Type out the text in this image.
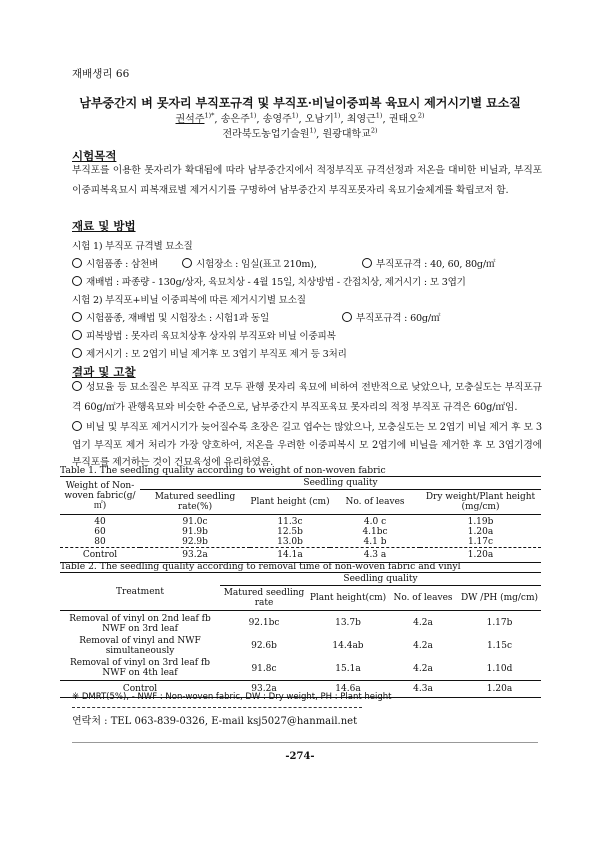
재배생리 66
남부중간지 벼 못자리 부직포규격 및 부직포·비닐이중피복 육묘시 제거시기별 묘소질
권석주$^{1)*}$, 송은주$^{1)}$, 송영주$^{1)}$, 오남기$^{1)}$, 최영근$^{1)}$, 권태오$^{2)}$
전라북도농업기술원$^{1)}$, 원광대학교$^{2)}$
시험목적
부직포를 이용한 못자리가 확대됨에 따라 남부중간지에서 적정부직포 규격선정과 저온을 대비한 비닐과, 부직포 이중피복육묘시 피복재료별 제거시기를 구명하여 남부중간지 부직포못자리 육묘기술체계를 확립코저 함.
재료 및 방법
시험 1) 부직포 규격별 묘소질
시험품종 : 삼천벼	시험장소 : 임실(표고 210m),	부직포규격 : 40, 60, 80g/㎡
재배법 : 파종량 - 130g/상자, 육묘치상 - 4월 15일, 치상방법 - 간접치상, 제거시기 : 모 3엽기
시험 2) 부직포+비닐 이중피복에 따른 제거시기별 묘소질
시험품종, 재배법 및 시험장소 : 시험1과 동일	부직포규격 : 60g/㎡
피복방법 : 못자리 육묘치상후 상자위 부직포와 비닐 이중피복
제거시기 : 모 2엽기 비닐 제거후 모 3엽기 부직포 제거 등 3처리
결과 및 고찰
성묘율 등 묘소질은 부직포 규격 모두 관행 못자리 육묘에 비하여 전반적으로 낮았으나, 모충실도는 부직포규격 60g/㎡가 관행육묘와 비슷한 수준으로, 남부중간지 부직포육묘 못자리의 적정 부직포 규격은 60g/㎡임.
비닐 및 부직포 제거시기가 늦어질수록 초장은 길고 엽수는 많았으나, 모충실도는 모 2엽기 비닐 제거 후 모 3엽기 부직포 제거 처리가 가장 양호하여, 저온을 우려한 이중피복시 모 2엽기에 비닐을 제거한 후 모 3엽기경에 부직포를 제거하는 것이 건묘육성에 유리하였음.
Table 1. The seedling quality according to weight of non-woven fabric
Weight of Non-woven fabric(g/㎡)	Seedling quality			
	Matured seedling rate(%)	Plant height (cm)	No. of leaves	Dry weight/Plant height (mg/cm)
40	91.0c	11.3c	4.0 c	1.19b
60	91.9b	12.5b	4.1bc	1.20a
80	92.9b	13.0b	4.1 b	1.17c
Control	93.2a	14.1a	4.3 a	1.20a
Table 2. The seedling quality according to removal time of non-woven fabric and vinyl
Treatment	Seedling quality			
	Matured seedling rate	Plant height(cm)	No. of leaves	DW /PH (mg/cm)
Removal of vinyl on 2nd leaf fb NWF on 3rd leaf	92.1bc	13.7b	4.2a	1.17b
Removal of vinyl and NWF simultaneously	92.6b	14.4ab	4.2a	1.15c
Removal of vinyl on 3rd leaf fb NWF on 4th leaf	91.8c	15.1a	4.2a	1.10d
Control	93.2a	14.6a	4.3a	1.20a
※ DMRT(5%), - NWF : Non-woven fabric, DW : Dry weight, PH : Plant height
연락처 : TEL 063-839-0326, E-mail ksj5027@hanmail.net
-274-
